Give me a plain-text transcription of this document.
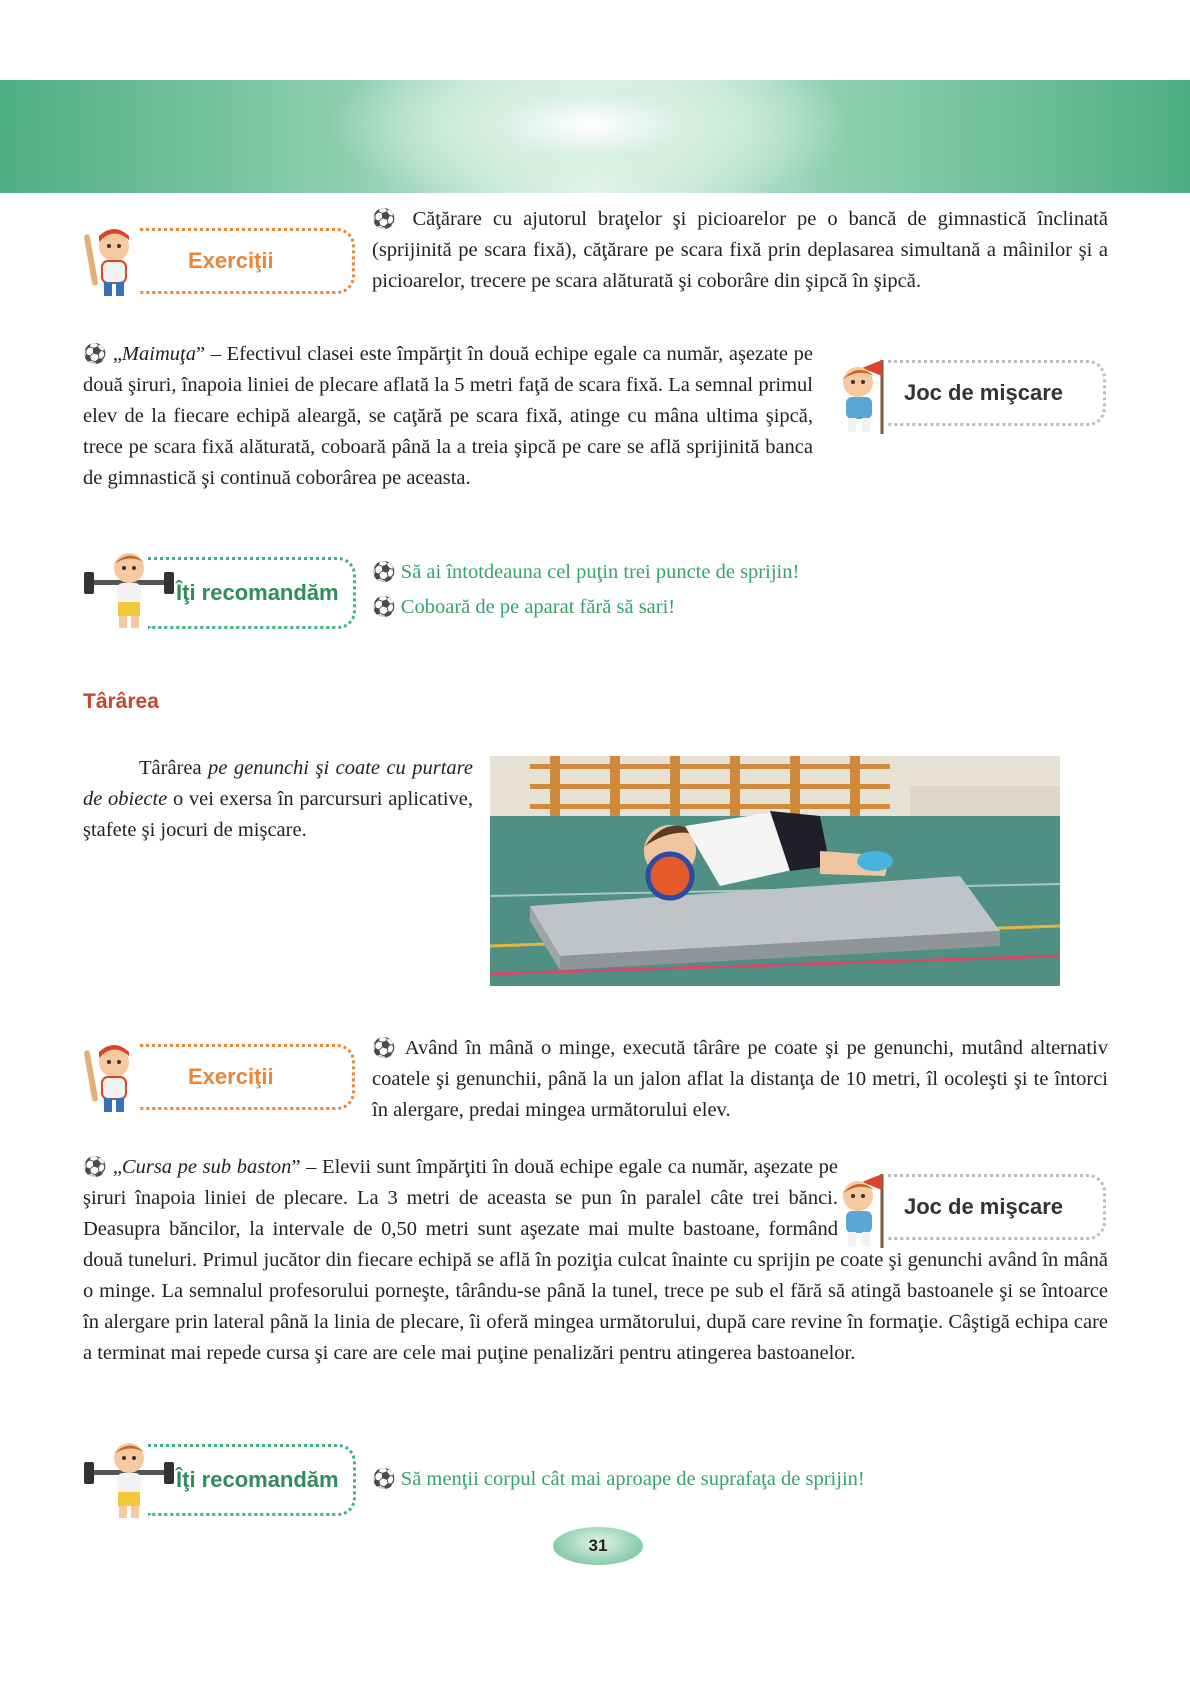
Exerciţii

⚽ Căţărare cu ajutorul braţelor şi picioarelor pe o bancă de gimnastică înclinată (sprijinită pe scara fixă), căţărare pe scara fixă prin deplasarea simultană a mâinilor şi a picioarelor, trecere pe scara alăturată şi coborâre din şipcă în şipcă.

⚽ „Maimuţa” – Efectivul clasei este împărţit în două echipe egale ca număr, aşezate pe două şiruri, înapoia liniei de plecare aflată la 5 metri faţă de scara fixă. La semnal primul elev de la fiecare echipă aleargă, se caţără pe scara fixă, atinge cu mâna ultima şipcă, trece pe scara fixă alăturată, coboară până la a treia şipcă pe care se află sprijinită banca de gimnastică şi continuă coborârea pe aceasta.

Joc de mişcare
Îţi recomandăm
⚽ Să ai întotdeauna cel puţin trei puncte de sprijin!
⚽ Coboară de pe aparat fără să sari!
Târârea

Târârea pe genunchi şi coate cu purtare de obiecte o vei exersa în parcursuri aplicative, ştafete şi jocuri de mişcare.

Exerciţii

⚽ Având în mână o minge, execută târâre pe coate şi pe genunchi, mutând alternativ coatele şi genunchii, până la un jalon aflat la distanţa de 10 metri, îl ocoleşti şi te întorci în alergare, predai mingea următorului elev.

Joc de mişcare

⚽ „Cursa pe sub baston” – Elevii sunt împărţiti în două echipe egale ca număr, aşezate pe şiruri înapoia liniei de plecare. La 3 metri de aceasta se pun în paralel câte trei bănci. Deasupra băncilor, la intervale de 0,50 metri sunt aşezate mai multe bastoane, formând două tuneluri. Primul jucător din fiecare echipă se află în poziţia culcat înainte cu sprijin pe coate şi genunchi având în mână o minge. La semnalul profesorului porneşte, târându-se până la tunel, trece pe sub el fără să atingă bastoanele şi se întoarce în alergare prin lateral până la linia de plecare, îi oferă mingea următorului, după care revine în formaţie. Câştigă echipa care a terminat mai repede cursa şi care are cele mai puţine penalizări pentru atingerea bastoanelor.

Îţi recomandăm ⚽ Să menţii corpul cât mai aproape de suprafaţa de sprijin!
31
